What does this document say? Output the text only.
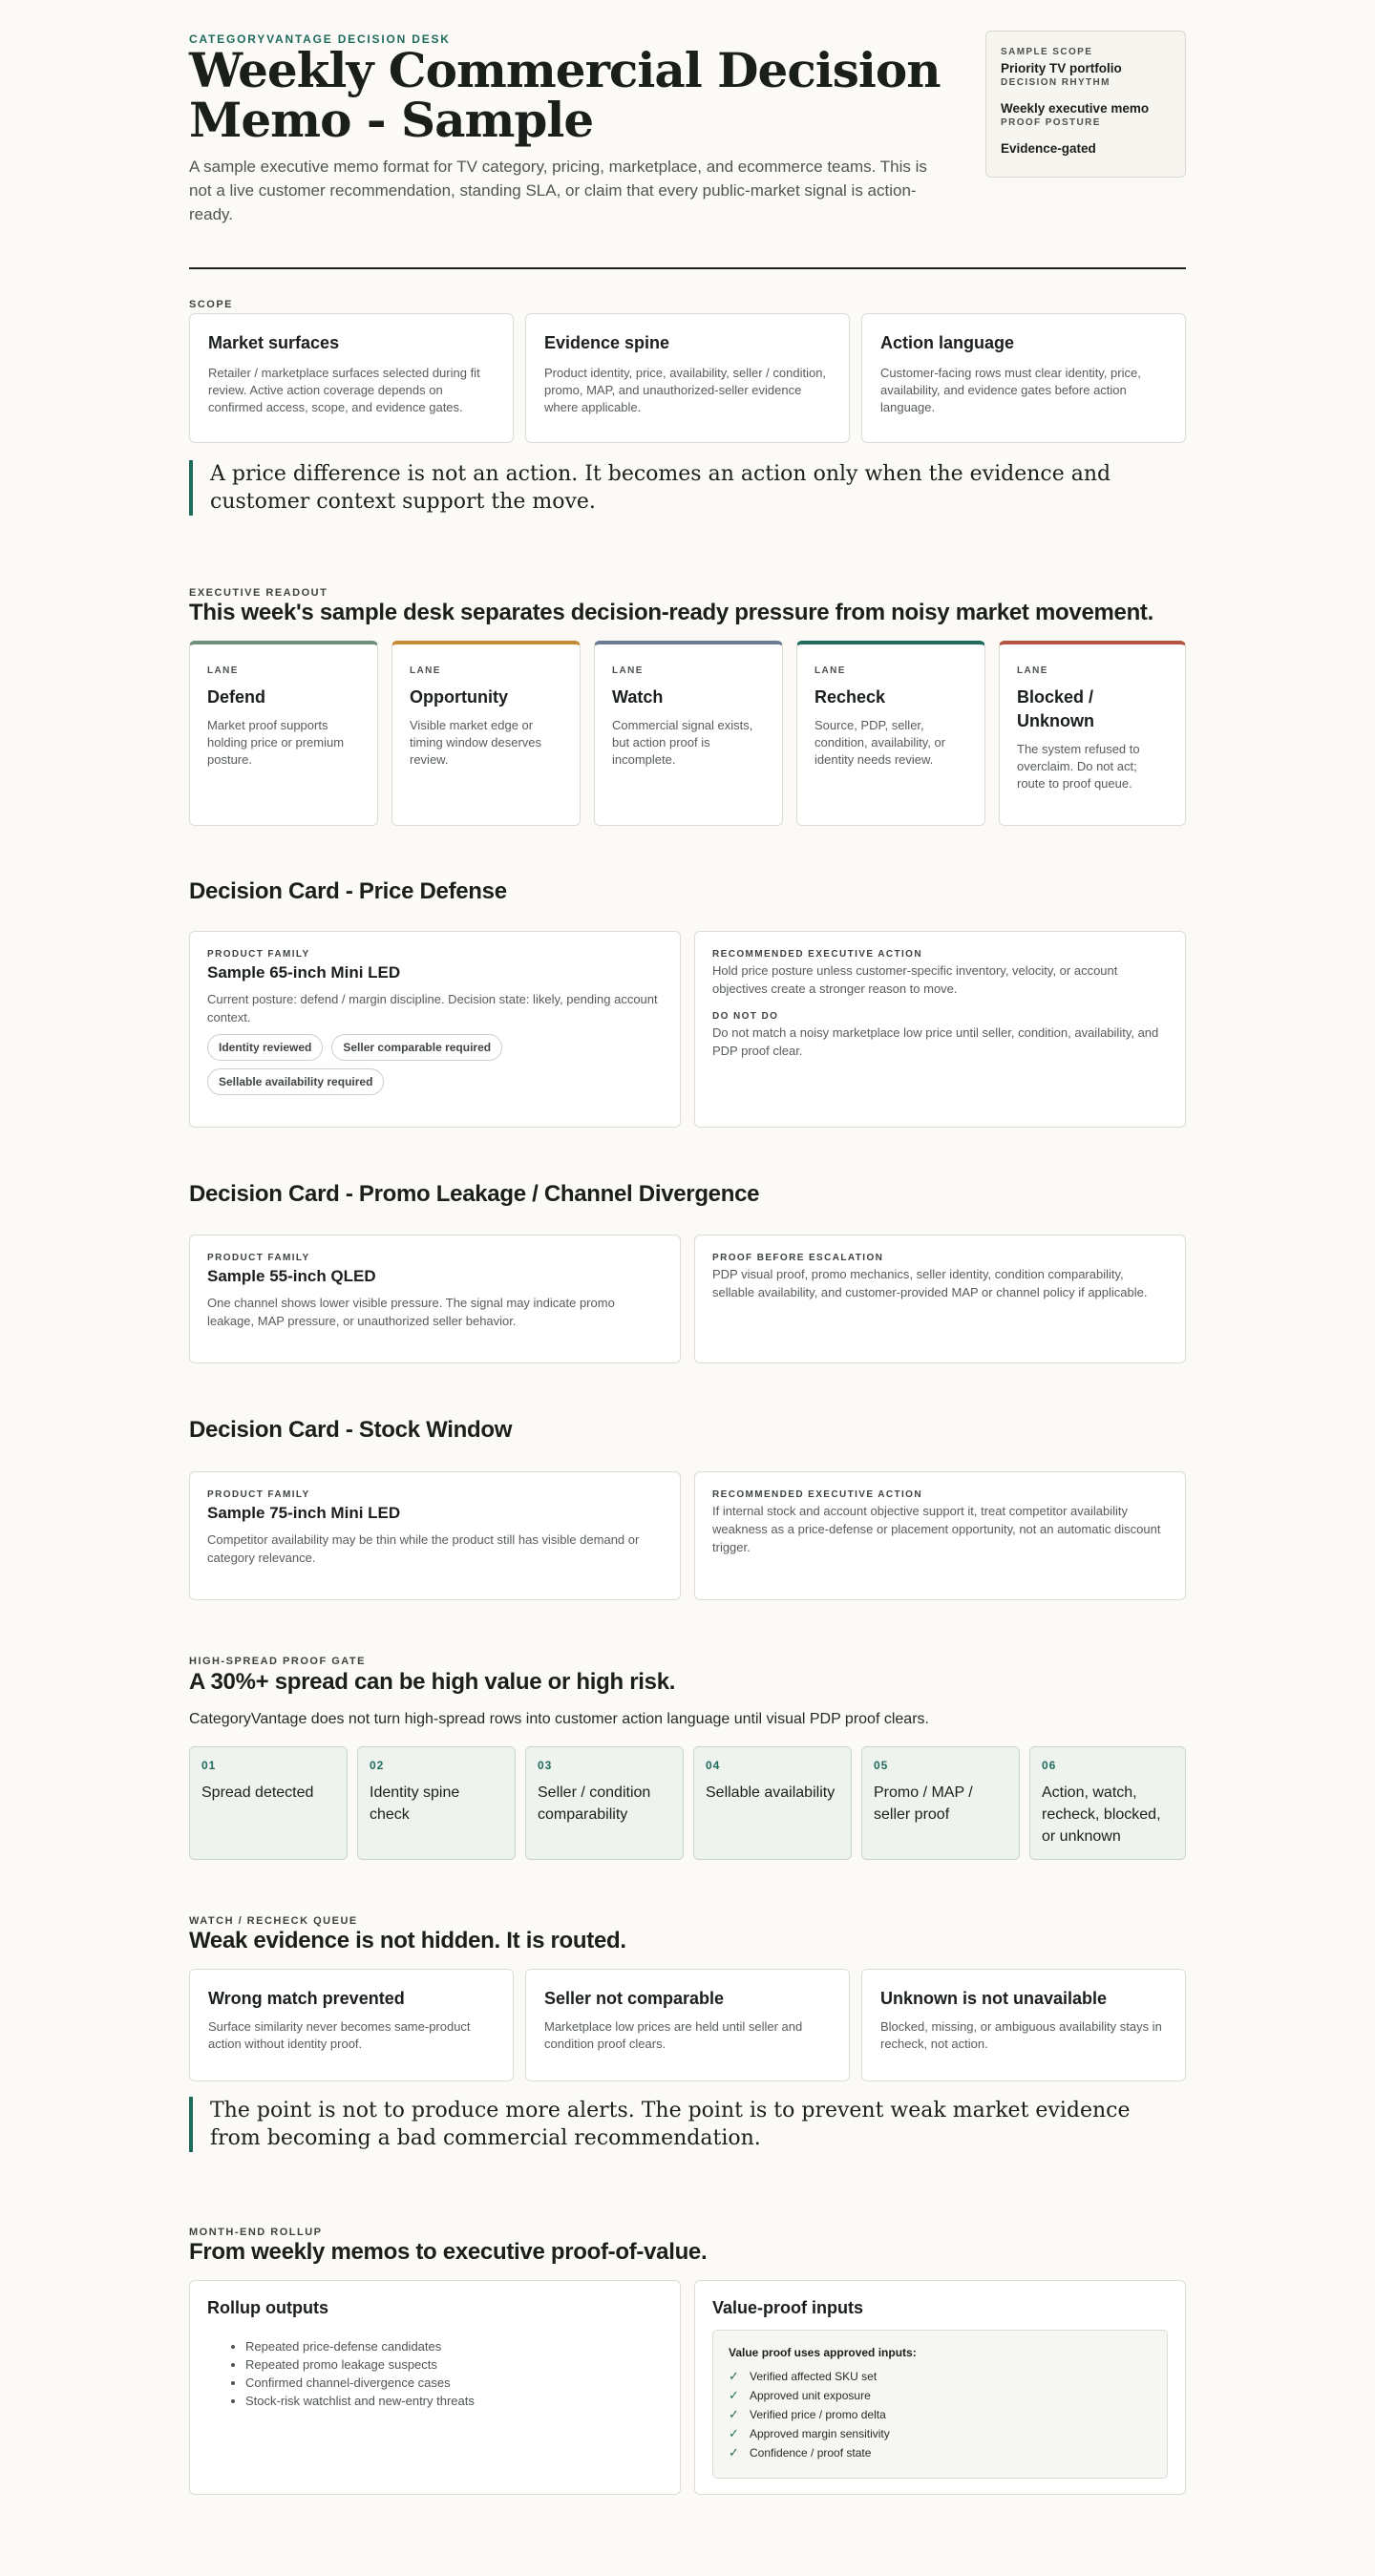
CATEGORYVANTAGE DECISION DESK
Weekly Commercial Decision Memo - Sample

A sample executive memo format for TV category, pricing, marketplace, and ecommerce teams. This is not a live customer recommendation, standing SLA, or claim that every public-market signal is action-ready.

SAMPLE SCOPE
Priority TV portfolio
DECISION RHYTHM
Weekly executive memo
PROOF POSTURE
Evidence-gated
SCOPE
Market surfaces

Retailer / marketplace surfaces selected during fit review. Active action coverage depends on confirmed access, scope, and evidence gates.

Evidence spine

Product identity, price, availability, seller / condition, promo, MAP, and unauthorized-seller evidence where applicable.

Action language

Customer-facing rows must clear identity, price, availability, and evidence gates before action language.

A price difference is not an action. It becomes an action only when the evidence and customer context support the move.
EXECUTIVE READOUT
This week's sample desk separates decision-ready pressure from noisy market movement.
LANE
Defend

Market proof supports holding price or premium posture.

LANE
Opportunity

Visible market edge or timing window deserves review.

LANE
Watch

Commercial signal exists, but action proof is incomplete.

LANE
Recheck

Source, PDP, seller, condition, availability, or identity needs review.

LANE
Blocked / Unknown

The system refused to overclaim. Do not act; route to proof queue.

Decision Card - Price Defense
PRODUCT FAMILY
Sample 65-inch Mini LED

Current posture: defend / margin discipline. Decision state: likely, pending account context.

Identity reviewed	Seller comparable required
Sellable availability required
RECOMMENDED EXECUTIVE ACTION

Hold price posture unless customer-specific inventory, velocity, or account objectives create a stronger reason to move.

DO NOT DO

Do not match a noisy marketplace low price until seller, condition, availability, and PDP proof clear.

Decision Card - Promo Leakage / Channel Divergence
PRODUCT FAMILY
Sample 55-inch QLED

One channel shows lower visible pressure. The signal may indicate promo leakage, MAP pressure, or unauthorized seller behavior.

PROOF BEFORE ESCALATION

PDP visual proof, promo mechanics, seller identity, condition comparability, sellable availability, and customer-provided MAP or channel policy if applicable.

Decision Card - Stock Window
PRODUCT FAMILY
Sample 75-inch Mini LED

Competitor availability may be thin while the product still has visible demand or category relevance.

RECOMMENDED EXECUTIVE ACTION

If internal stock and account objective support it, treat competitor availability weakness as a price-defense or placement opportunity, not an automatic discount trigger.

HIGH-SPREAD PROOF GATE
A 30%+ spread can be high value or high risk.

CategoryVantage does not turn high-spread rows into customer action language until visual PDP proof clears.

01
Spread detected
02
Identity spine check
03
Seller / condition comparability
04
Sellable availability
05
Promo / MAP / seller proof
06
Action, watch, recheck, blocked, or unknown
WATCH / RECHECK QUEUE
Weak evidence is not hidden. It is routed.
Wrong match prevented

Surface similarity never becomes same-product action without identity proof.

Seller not comparable

Marketplace low prices are held until seller and condition proof clears.

Unknown is not unavailable

Blocked, missing, or ambiguous availability stays in recheck, not action.

The point is not to produce more alerts. The point is to prevent weak market evidence from becoming a bad commercial recommendation.
MONTH-END ROLLUP
From weekly memos to executive proof-of-value.
Rollup outputs
• Repeated price-defense candidates
• Repeated promo leakage suspects
• Confirmed channel-divergence cases
• Stock-risk watchlist and new-entry threats
Value-proof inputs
Value proof uses approved inputs:
✓ Verified affected SKU set
✓ Approved unit exposure
✓ Verified price / promo delta
✓ Approved margin sensitivity
✓ Confidence / proof state
